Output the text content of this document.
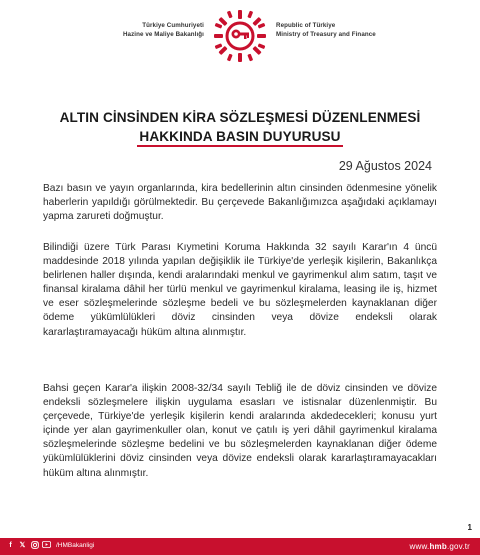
Türkiye Cumhuriyeti
Hazine ve Maliye Bakanlığı
Republic of Türkiye
Ministry of Treasury and Finance
ALTIN CİNSİNDEN KİRA SÖZLEŞMESİ DÜZENLENMESİ
HAKKINDA BASIN DUYURUSU
29 Ağustos 2024

Bazı basın ve yayın organlarında, kira bedellerinin altın cinsinden ödenmesine yönelik haberlerin yapıldığı görülmektedir. Bu çerçevede Bakanlığımızca aşağıdaki açıklamayı yapma zarureti doğmuştur.

Bilindiği üzere Türk Parası Kıymetini Koruma Hakkında 32 sayılı Karar'ın 4 üncü maddesinde 2018 yılında yapılan değişiklik ile Türkiye'de yerleşik kişilerin, Bakanlıkça belirlenen haller dışında, kendi aralarındaki menkul ve gayrimenkul alım satım, taşıt ve finansal kiralama dâhil her türlü menkul ve gayrimenkul kiralama, leasing ile iş, hizmet ve eser sözleşmelerinde sözleşme bedeli ve bu sözleşmelerden kaynaklanan diğer ödeme yükümlülükleri döviz cinsinden veya dövize endeksli olarak kararlaştıramayacağı hüküm altına alınmıştır.

Bahsi geçen Karar'a ilişkin 2008-32/34 sayılı Tebliğ ile de döviz cinsinden ve dövize endeksli sözleşmelere ilişkin uygulama esasları ve istisnalar düzenlenmiştir. Bu çerçevede, Türkiye'de yerleşik kişilerin kendi aralarında akdedecekleri; konusu yurt içinde yer alan gayrimenkuller olan, konut ve çatılı iş yeri dâhil gayrimenkul kiralama sözleşmelerinde sözleşme bedelini ve bu sözleşmelerden kaynaklanan diğer ödeme yükümlülüklerini döviz cinsinden veya dövize endeksli olarak kararlaştıramayacakları hüküm altına alınmıştır.

1
f	𝕏	/HMBakanligi	www.hmb.gov.tr
